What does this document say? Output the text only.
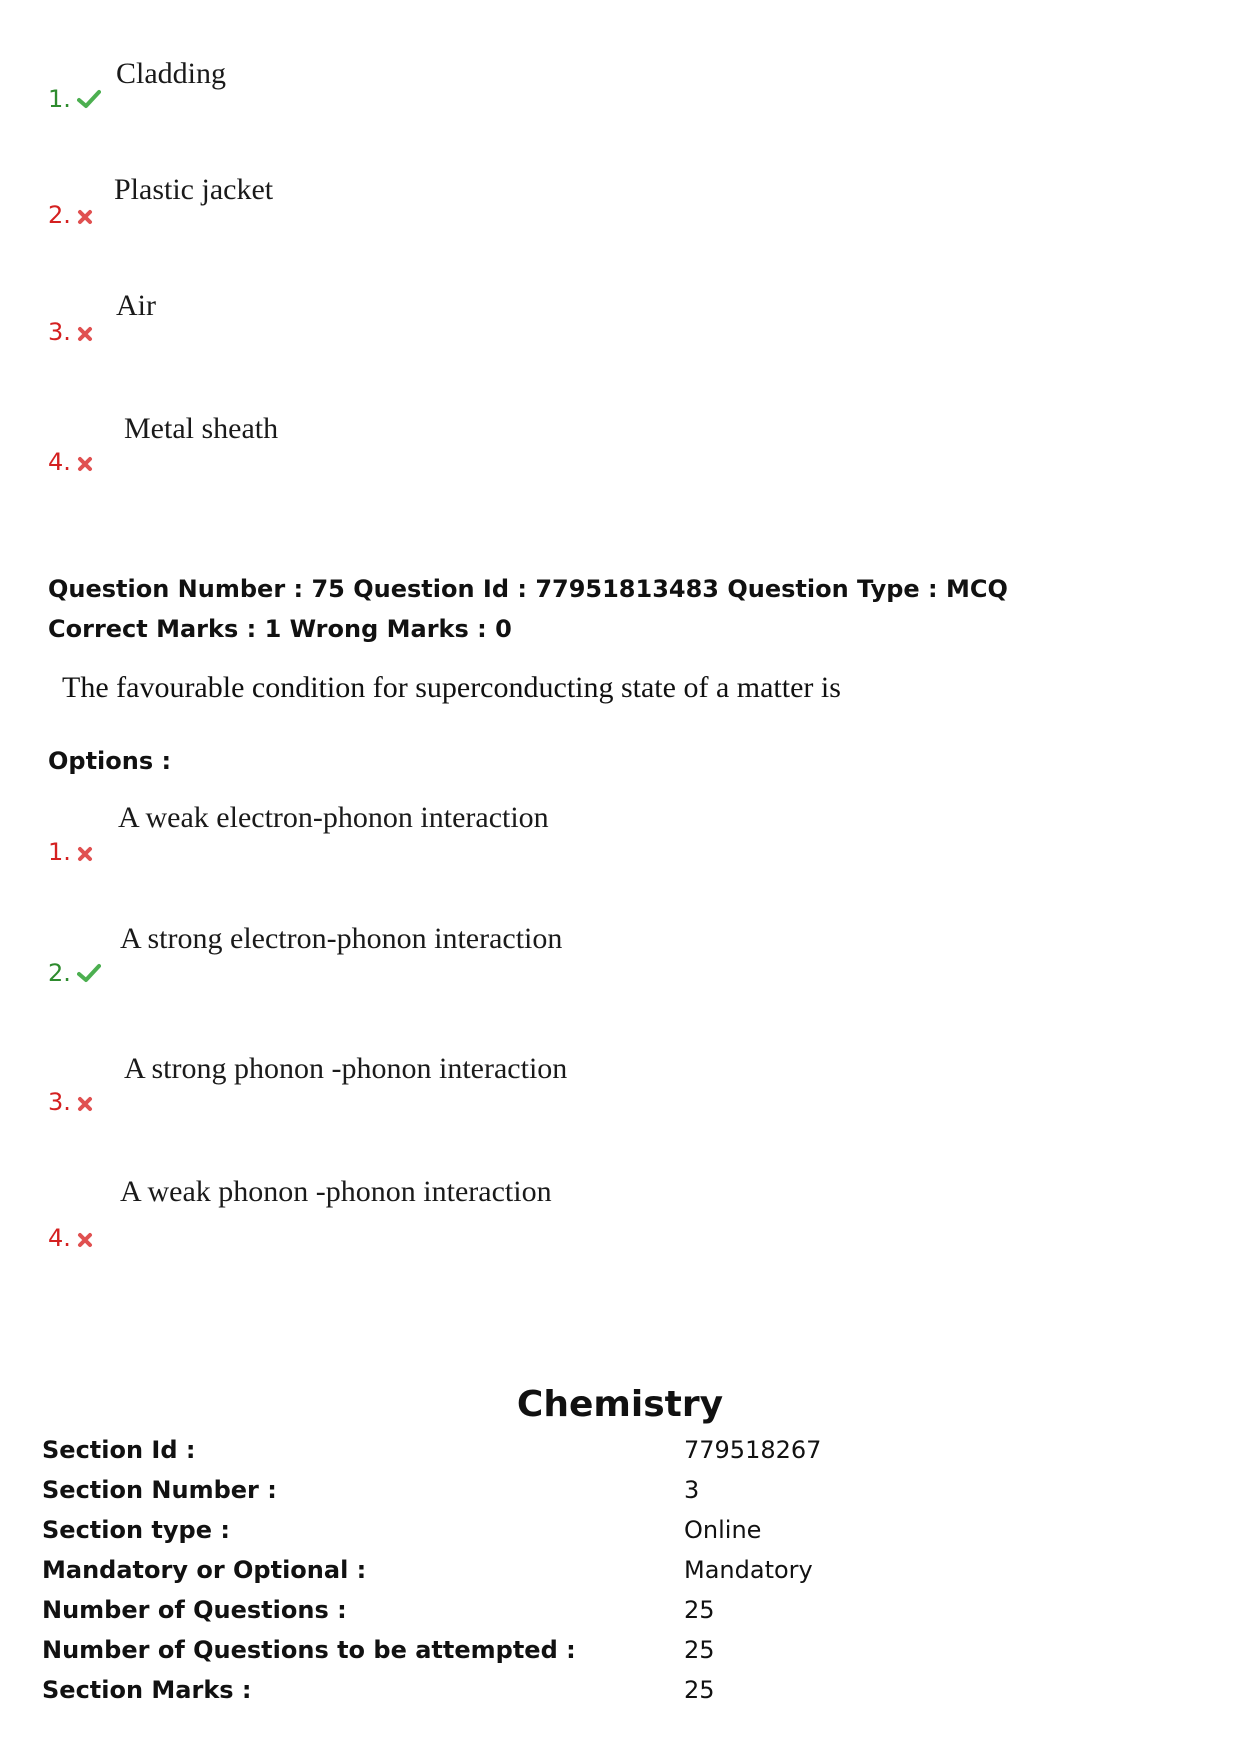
1.
Cladding
2.
Plastic jacket
3.
Air
4.
Metal sheath
Question Number : 75 Question Id : 77951813483 Question Type : MCQ
Correct Marks : 1 Wrong Marks : 0
The favourable condition for superconducting state of a matter is
Options :
1.
A weak electron-phonon interaction
2.
A strong electron-phonon interaction
3.
A strong phonon -phonon interaction
4.
A weak phonon -phonon interaction
Chemistry
Section Id :	779518267
Section Number :	3
Section type :	Online
Mandatory or Optional :	Mandatory
Number of Questions :	25
Number of Questions to be attempted :	25
Section Marks :	25
